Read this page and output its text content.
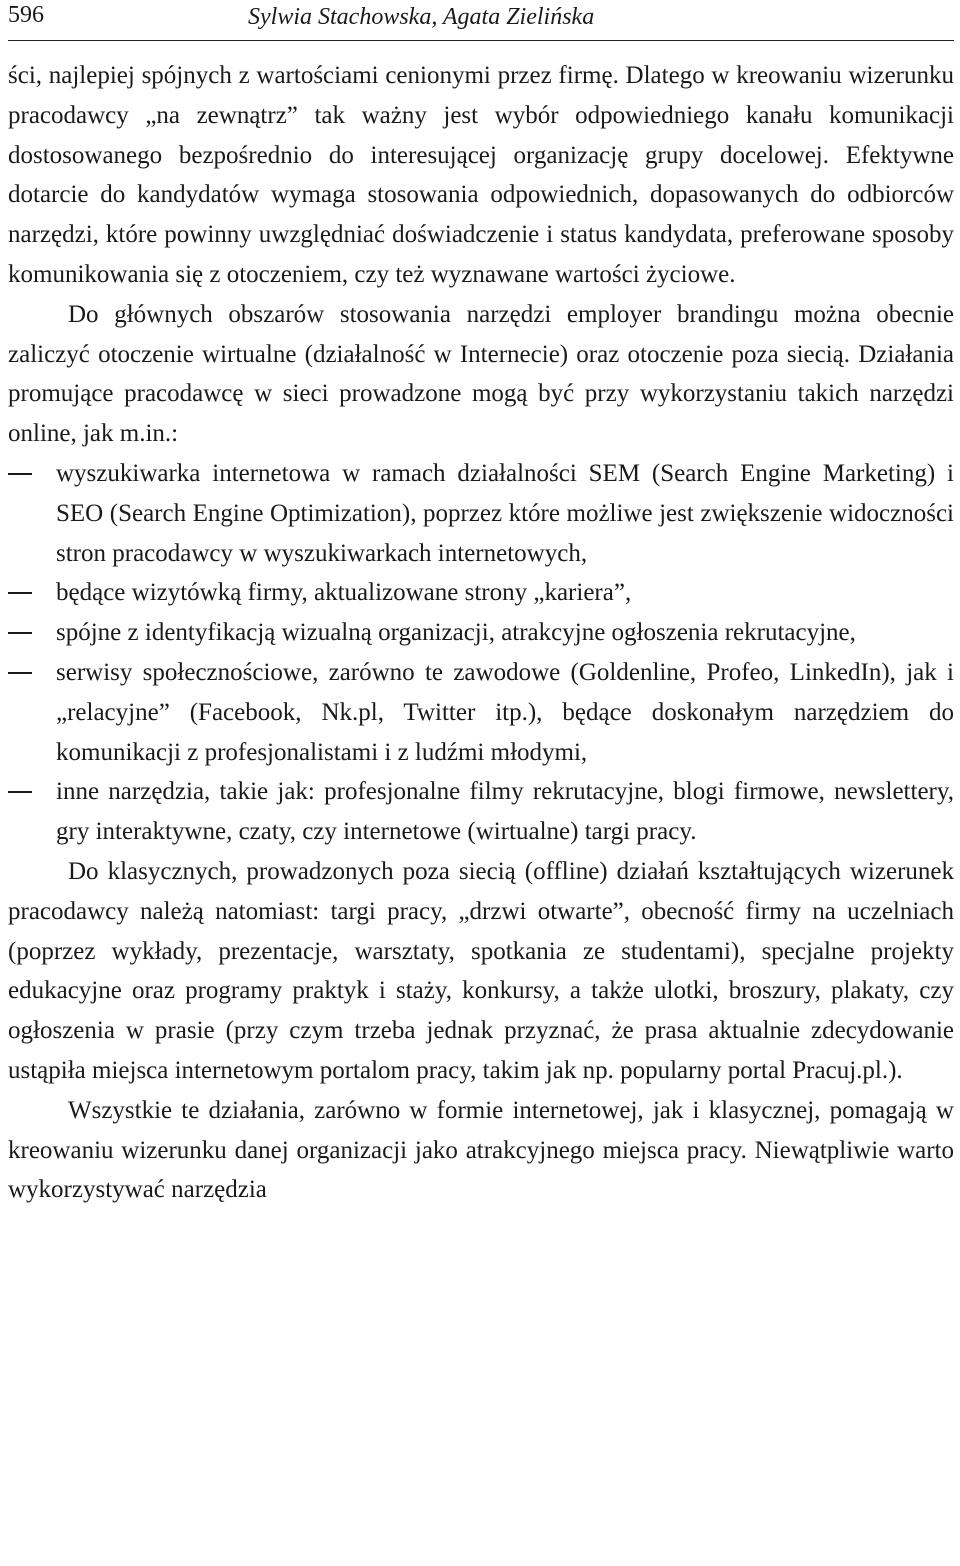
596	Sylwia Stachowska, Agata Zielińska

ści, najlepiej spójnych z wartościami cenionymi przez firmę. Dlatego w kreowaniu wizerunku pracodawcy „na zewnątrz” tak ważny jest wybór odpowiedniego kanału komunikacji dostosowanego bezpośrednio do interesującej organizację grupy docelowej. Efektywne dotarcie do kandydatów wymaga stosowania odpowiednich, dopasowanych do odbiorców narzędzi, które powinny uwzględniać doświadczenie i status kandydata, preferowane sposoby komunikowania się z otoczeniem, czy też wyznawane wartości życiowe.

Do głównych obszarów stosowania narzędzi employer brandingu można obecnie zaliczyć otoczenie wirtualne (działalność w Internecie) oraz otoczenie poza siecią. Działania promujące pracodawcę w sieci prowadzone mogą być przy wykorzystaniu takich narzędzi online, jak m.in.:

wyszukiwarka internetowa w ramach działalności SEM (Search Engine Marketing) i SEO (Search Engine Optimization), poprzez które możliwe jest zwiększenie widoczności stron pracodawcy w wyszukiwarkach internetowych,
będące wizytówką firmy, aktualizowane strony „kariera”,
spójne z identyfikacją wizualną organizacji, atrakcyjne ogłoszenia rekrutacyjne,
serwisy społecznościowe, zarówno te zawodowe (Goldenline, Profeo, LinkedIn), jak i „relacyjne” (Facebook, Nk.pl, Twitter itp.), będące doskonałym narzędziem do komunikacji z profesjonalistami i z ludźmi młodymi,
inne narzędzia, takie jak: profesjonalne filmy rekrutacyjne, blogi firmowe, newslettery, gry interaktywne, czaty, czy internetowe (wirtualne) targi pracy.

Do klasycznych, prowadzonych poza siecią (offline) działań kształtujących wizerunek pracodawcy należą natomiast: targi pracy, „drzwi otwarte”, obecność firmy na uczelniach (poprzez wykłady, prezentacje, warsztaty, spotkania ze studentami), specjalne projekty edukacyjne oraz programy praktyk i staży, konkursy, a także ulotki, broszury, plakaty, czy ogłoszenia w prasie (przy czym trzeba jednak przyznać, że prasa aktualnie zdecydowanie ustąpiła miejsca internetowym portalom pracy, takim jak np. popularny portal Pracuj.pl.).

Wszystkie te działania, zarówno w formie internetowej, jak i klasycznej, pomagają w kreowaniu wizerunku danej organizacji jako atrakcyjnego miejsca pracy. Niewątpliwie warto wykorzystywać narzędzia
